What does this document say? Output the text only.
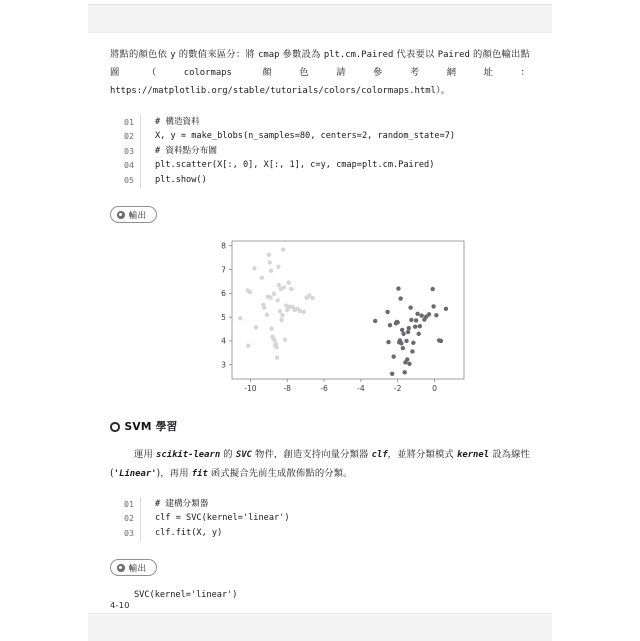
將點的顏色依 y 的數值來區分：將 cmap 參數設為 plt.cm.Paired 代表要以 Paired 的顏色輸出點圖（colormaps 顏色請參考網址：https://matplotlib.org/stable/tutorials/colors/colormaps.html）。

01	# 構造資料
02	X, y = make_blobs(n_samples=80, centers=2, random_state=7)
03	# 資料點分布圖
04	plt.scatter(X[:, 0], X[:, 1], c=y, cmap=plt.cm.Paired)
05	plt.show()
輸出
-10	-8	-6	-4	-2	0
3
4
5
6
7
8
SVM 學習

運用 scikit-learn 的 SVC 物件，創造支持向量分類器 clf，並將分類模式 kernel 設為線性('Linear')，再用 fit 函式擬合先前生成散佈點的分類。

01	# 建構分類器
02	clf = SVC(kernel='linear')
03	clf.fit(X, y)
輸出
SVC(kernel='linear')
4-10
